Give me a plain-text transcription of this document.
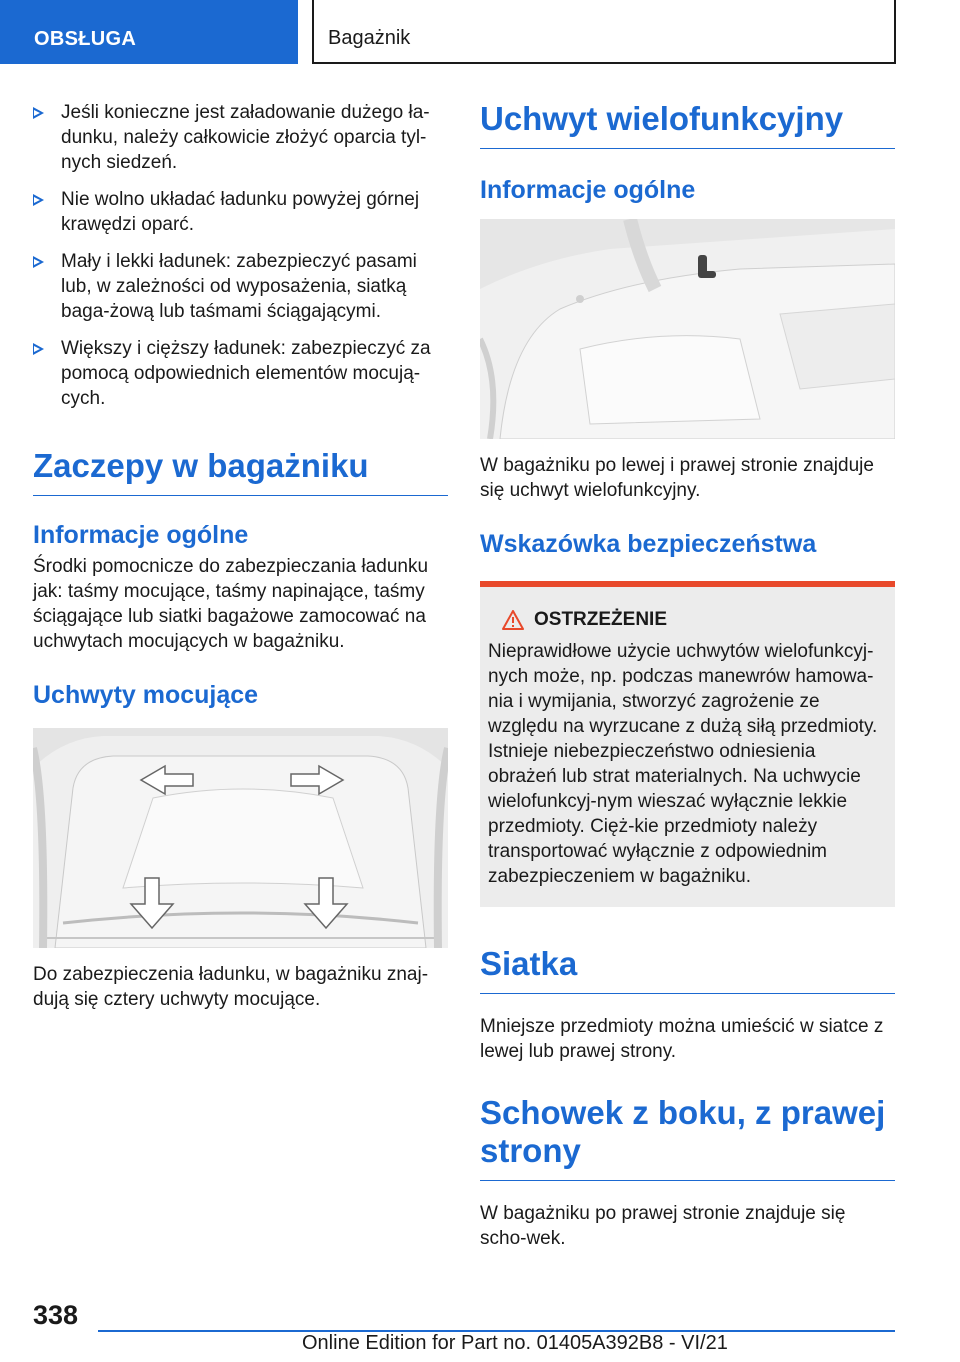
OBSŁUGA	Bagażnik
Jeśli konieczne jest załadowanie dużego ła-dunku, należy całkowicie złożyć oparcia tyl-nych siedzeń.
Nie wolno układać ładunku powyżej górnej krawędzi oparć.
Mały i lekki ładunek: zabezpieczyć pasami lub, w zależności od wyposażenia, siatką baga-żową lub taśmami ściągającymi.
Większy i cięższy ładunek: zabezpieczyć za pomocą odpowiednich elementów mocują-cych.
Zaczepy w bagażniku
Informacje ogólne
Środki pomocnicze do zabezpieczania ładunku jak: taśmy mocujące, taśmy napinające, taśmy ściągające lub siatki bagażowe zamocować na uchwytach mocujących w bagażniku.
Uchwyty mocujące
Do zabezpieczenia ładunku, w bagażniku znaj-dują się cztery uchwyty mocujące.
Uchwyt wielofunkcyjny
Informacje ogólne
W bagażniku po lewej i prawej stronie znajduje się uchwyt wielofunkcyjny.
Wskazówka bezpieczeństwa
OSTRZEŻENIE
Nieprawidłowe użycie uchwytów wielofunkcyj-nych może, np. podczas manewrów hamowa-nia i wymijania, stworzyć zagrożenie ze względu na wyrzucane z dużą siłą przedmioty. Istnieje niebezpieczeństwo odniesienia obrażeń lub strat materialnych. Na uchwycie wielofunkcyj-nym wieszać wyłącznie lekkie przedmioty. Cięż-kie przedmioty należy transportować wyłącznie z odpowiednim zabezpieczeniem w bagażniku.
Siatka
Mniejsze przedmioty można umieścić w siatce z lewej lub prawej strony.
Schowek z boku, z prawej strony
W bagażniku po prawej stronie znajduje się scho-wek.
338
Online Edition for Part no. 01405A392B8 - VI/21
